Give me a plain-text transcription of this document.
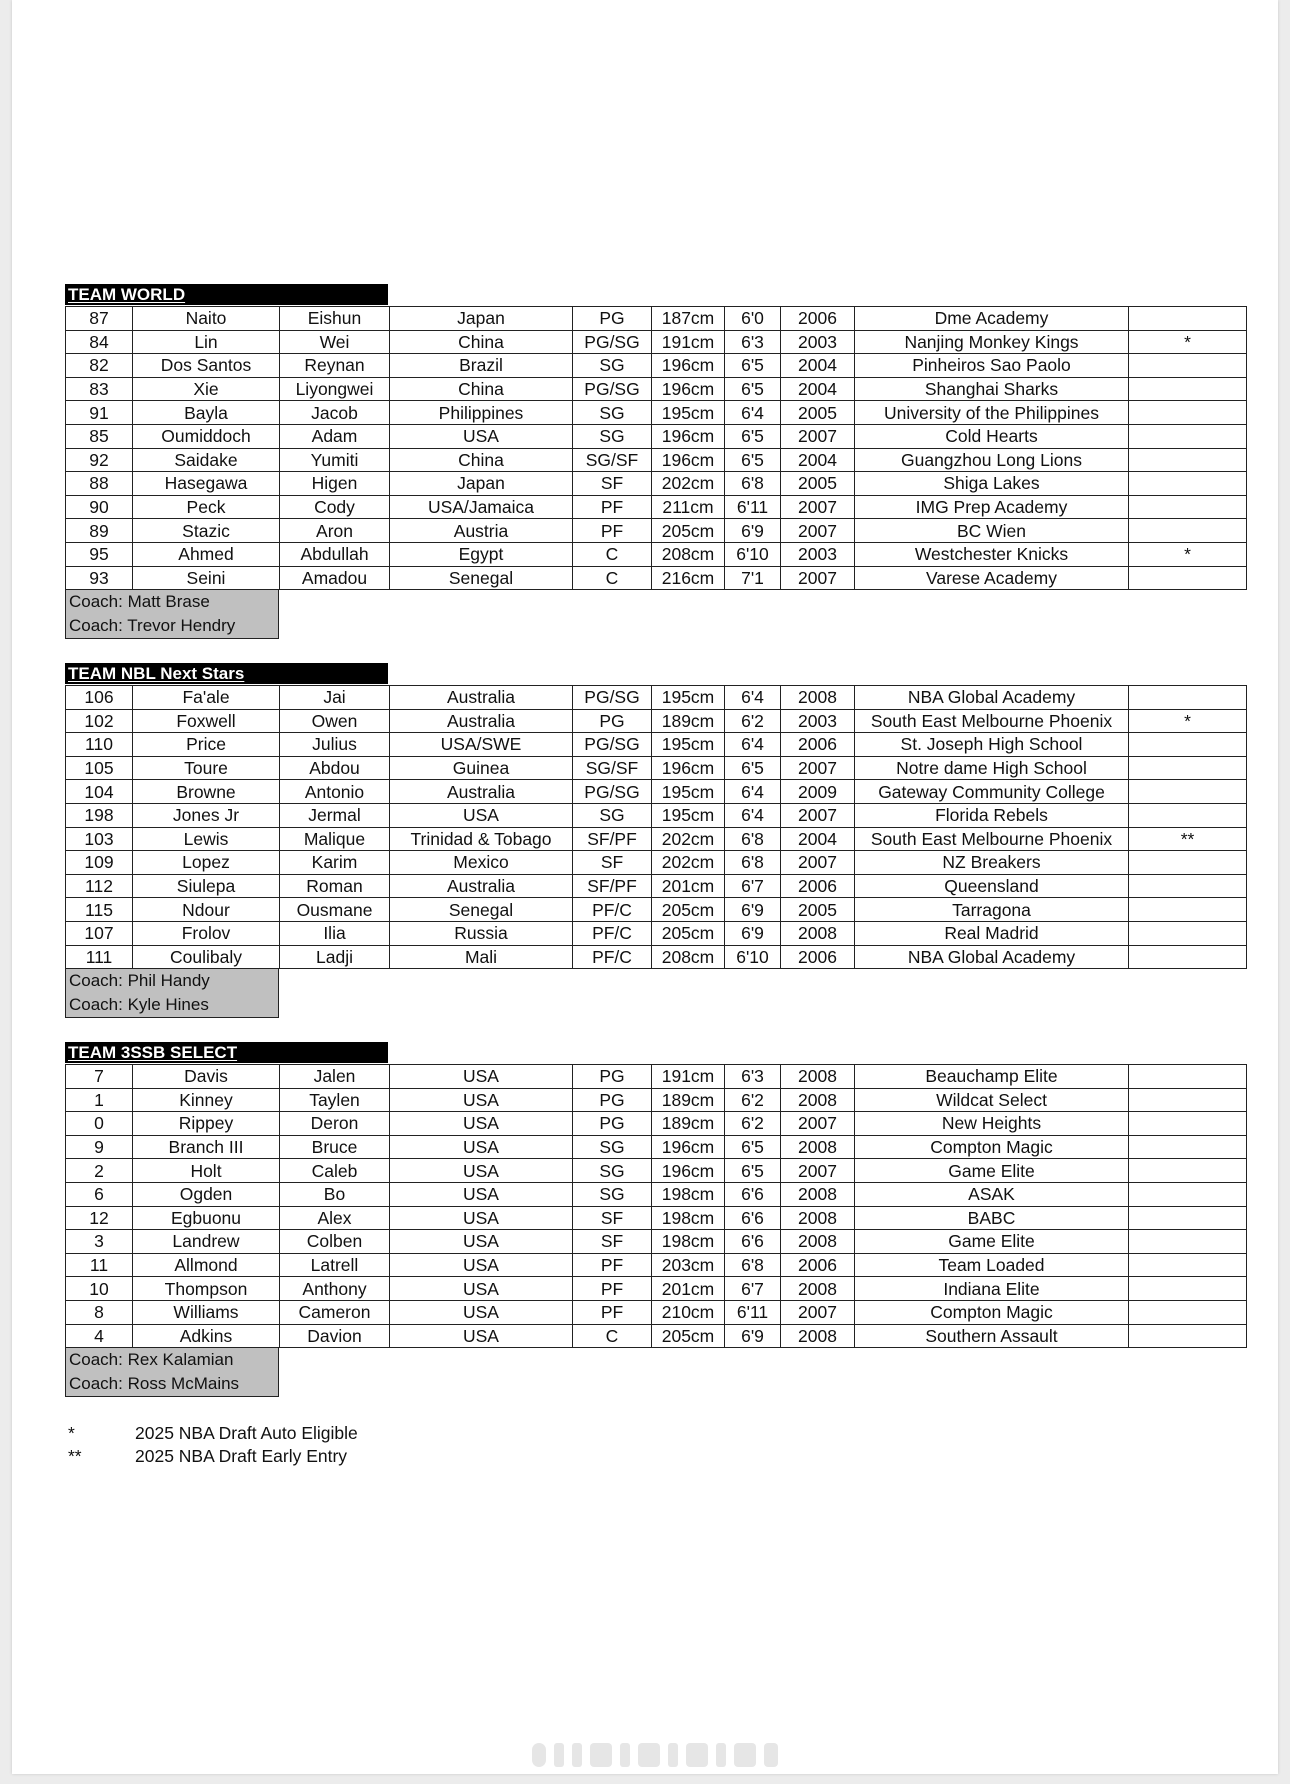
TEAM WORLD
87	Naito	Eishun	Japan	PG	187cm	6'0	2006	Dme Academy	
84	Lin	Wei	China	PG/SG	191cm	6'3	2003	Nanjing Monkey Kings	*
82	Dos Santos	Reynan	Brazil	SG	196cm	6'5	2004	Pinheiros Sao Paolo	
83	Xie	Liyongwei	China	PG/SG	196cm	6'5	2004	Shanghai Sharks	
91	Bayla	Jacob	Philippines	SG	195cm	6'4	2005	University of the Philippines	
85	Oumiddoch	Adam	USA	SG	196cm	6'5	2007	Cold Hearts	
92	Saidake	Yumiti	China	SG/SF	196cm	6'5	2004	Guangzhou Long Lions	
88	Hasegawa	Higen	Japan	SF	202cm	6'8	2005	Shiga Lakes	
90	Peck	Cody	USA/Jamaica	PF	211cm	6'11	2007	IMG Prep Academy	
89	Stazic	Aron	Austria	PF	205cm	6'9	2007	BC Wien	
95	Ahmed	Abdullah	Egypt	C	208cm	6'10	2003	Westchester Knicks	*
93	Seini	Amadou	Senegal	C	216cm	7'1	2007	Varese Academy	
Coach: Matt Brase
Coach: Trevor Hendry
TEAM NBL Next Stars
106	Fa'ale	Jai	Australia	PG/SG	195cm	6'4	2008	NBA Global Academy	
102	Foxwell	Owen	Australia	PG	189cm	6'2	2003	South East Melbourne Phoenix	*
110	Price	Julius	USA/SWE	PG/SG	195cm	6'4	2006	St. Joseph High School	
105	Toure	Abdou	Guinea	SG/SF	196cm	6'5	2007	Notre dame High School	
104	Browne	Antonio	Australia	PG/SG	195cm	6'4	2009	Gateway Community College	
198	Jones Jr	Jermal	USA	SG	195cm	6'4	2007	Florida Rebels	
103	Lewis	Malique	Trinidad & Tobago	SF/PF	202cm	6'8	2004	South East Melbourne Phoenix	**
109	Lopez	Karim	Mexico	SF	202cm	6'8	2007	NZ Breakers	
112	Siulepa	Roman	Australia	SF/PF	201cm	6'7	2006	Queensland	
115	Ndour	Ousmane	Senegal	PF/C	205cm	6'9	2005	Tarragona	
107	Frolov	Ilia	Russia	PF/C	205cm	6'9	2008	Real Madrid	
111	Coulibaly	Ladji	Mali	PF/C	208cm	6'10	2006	NBA Global Academy	
Coach: Phil Handy
Coach: Kyle Hines
TEAM 3SSB SELECT
7	Davis	Jalen	USA	PG	191cm	6'3	2008	Beauchamp Elite	
1	Kinney	Taylen	USA	PG	189cm	6'2	2008	Wildcat Select	
0	Rippey	Deron	USA	PG	189cm	6'2	2007	New Heights	
9	Branch III	Bruce	USA	SG	196cm	6'5	2008	Compton Magic	
2	Holt	Caleb	USA	SG	196cm	6'5	2007	Game Elite	
6	Ogden	Bo	USA	SG	198cm	6'6	2008	ASAK	
12	Egbuonu	Alex	USA	SF	198cm	6'6	2008	BABC	
3	Landrew	Colben	USA	SF	198cm	6'6	2008	Game Elite	
11	Allmond	Latrell	USA	PF	203cm	6'8	2006	Team Loaded	
10	Thompson	Anthony	USA	PF	201cm	6'7	2008	Indiana Elite	
8	Williams	Cameron	USA	PF	210cm	6'11	2007	Compton Magic	
4	Adkins	Davion	USA	C	205cm	6'9	2008	Southern Assault	
Coach: Rex Kalamian
Coach: Ross McMains
*	2025 NBA Draft Auto Eligible
**	2025 NBA Draft Early Entry
